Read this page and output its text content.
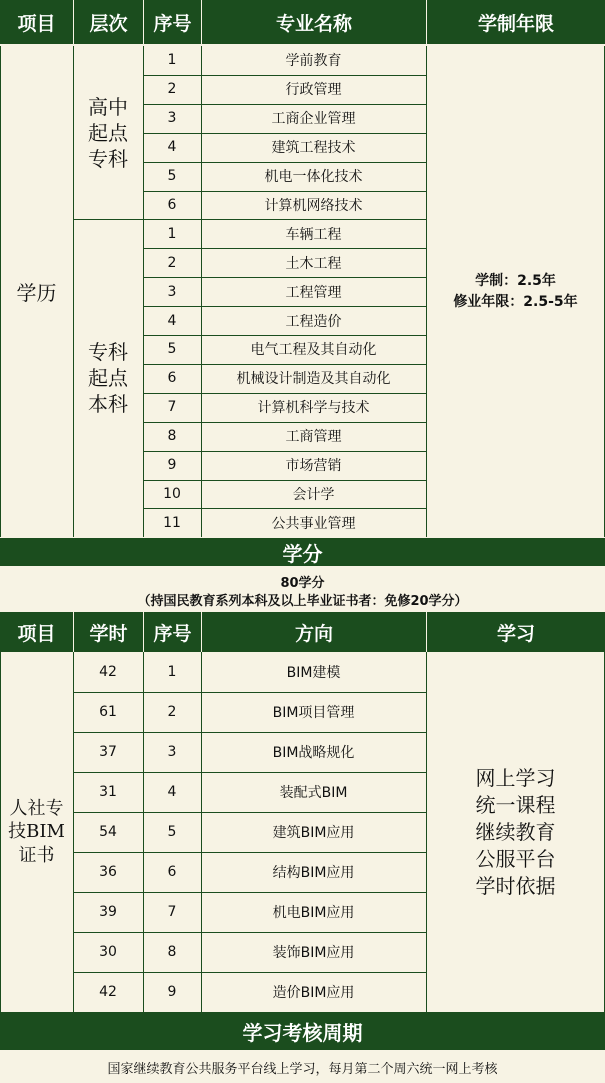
项目	层次	序号	专业名称	学制年限
1	学前教育
2	行政管理
3	工商企业管理
4	建筑工程技术
5	机电一体化技术
6	计算机网络技术
高中
起点
专科
1	车辆工程
2	土木工程
3	工程管理
4	工程造价
5	电气工程及其自动化
6	机械设计制造及其自动化
7	计算机科学与技术
8	工商管理
9	市场营销
10	会计学
11	公共事业管理
专科
起点
本科
学历
学制：2.5年
修业年限：2.5-5年
学分
80学分
（持国民教育系列本科及以上毕业证书者：免修20学分）
项目	学时	序号	方向	学习
42	1	BIM建模
61	2	BIM项目管理
37	3	BIM战略规化
31	4	装配式BIM
54	5	建筑BIM应用
36	6	结构BIM应用
39	7	机电BIM应用
30	8	装饰BIM应用
42	9	造价BIM应用
人社专
技BIM
证书
网上学习
统一课程
继续教育
公服平台
学时依据
学习考核周期
国家继续教育公共服务平台线上学习，每月第二个周六统一网上考核
